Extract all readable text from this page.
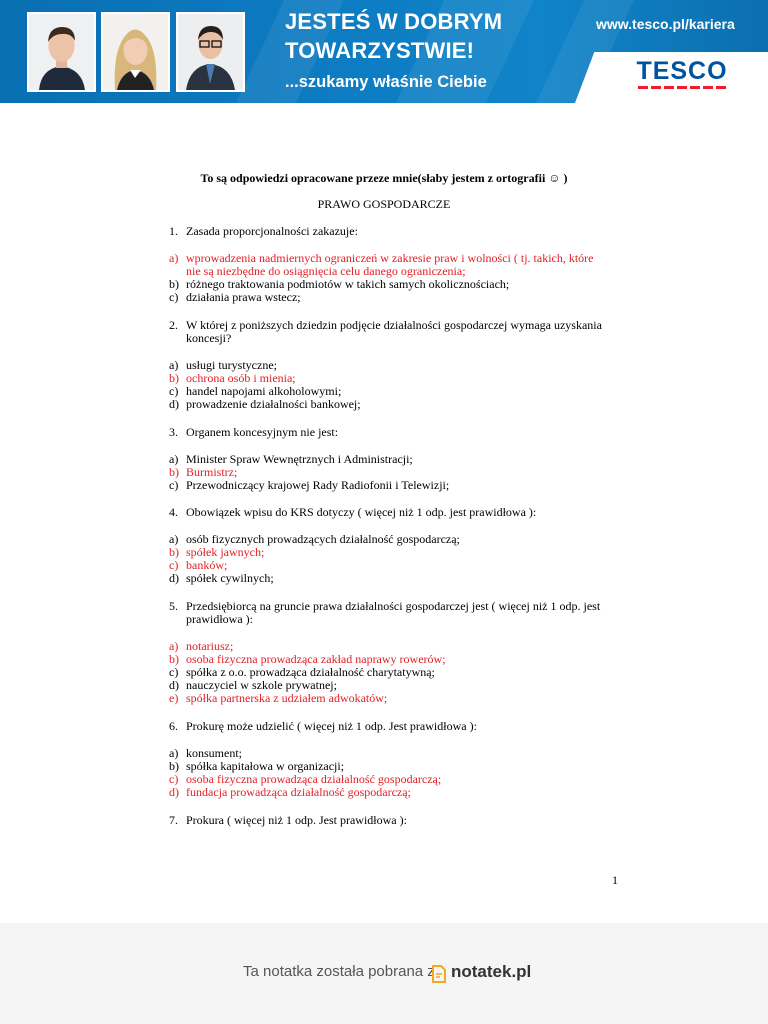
JESTEŚ W DOBRYM
TOWARZYSTWIE!
...szukamy właśnie Ciebie
www.tesco.pl/kariera
TESCO
To są odpowiedzi opracowane przeze mnie(słaby jestem z ortografii ☺ )
PRAWO GOSPODARCZE
1. Zasada proporcjonalności zakazuje:
a) wprowadzenia nadmiernych ograniczeń w zakresie praw i wolności ( tj. takich, które
nie są niezbędne do osiągnięcia celu danego ograniczenia;
b) różnego traktowania podmiotów w takich samych okolicznościach;
c) działania prawa wstecz;
2. W której z poniższych dziedzin podjęcie działalności gospodarczej wymaga uzyskania
koncesji?
a) usługi turystyczne;
b) ochrona osób i mienia;
c) handel napojami alkoholowymi;
d) prowadzenie działalności bankowej;
3. Organem koncesyjnym nie jest:
a) Minister Spraw Wewnętrznych i Administracji;
b) Burmistrz;
c) Przewodniczący krajowej Rady Radiofonii i Telewizji;
4. Obowiązek wpisu do KRS dotyczy ( więcej niż 1 odp. jest prawidłowa ):
a) osób fizycznych prowadzących działalność gospodarczą;
b) spółek jawnych;
c) banków;
d) spółek cywilnych;
5. Przedsiębiorcą na gruncie prawa działalności gospodarczej jest ( więcej niż 1 odp. jest
prawidłowa ):
a) notariusz;
b) osoba fizyczna prowadząca zakład naprawy rowerów;
c) spółka z o.o. prowadząca działalność charytatywną;
d) nauczyciel w szkole prywatnej;
e) spółka partnerska z udziałem adwokatów;
6. Prokurę może udzielić ( więcej niż 1 odp. Jest prawidłowa ):
a) konsument;
b) spółka kapitałowa w organizacji;
c) osoba fizyczna prowadząca działalność gospodarczą;
d) fundacja prowadząca działalność gospodarczą;
7. Prokura ( więcej niż 1 odp. Jest prawidłowa ):
1
Ta notatka została pobrana z notatek.pl
